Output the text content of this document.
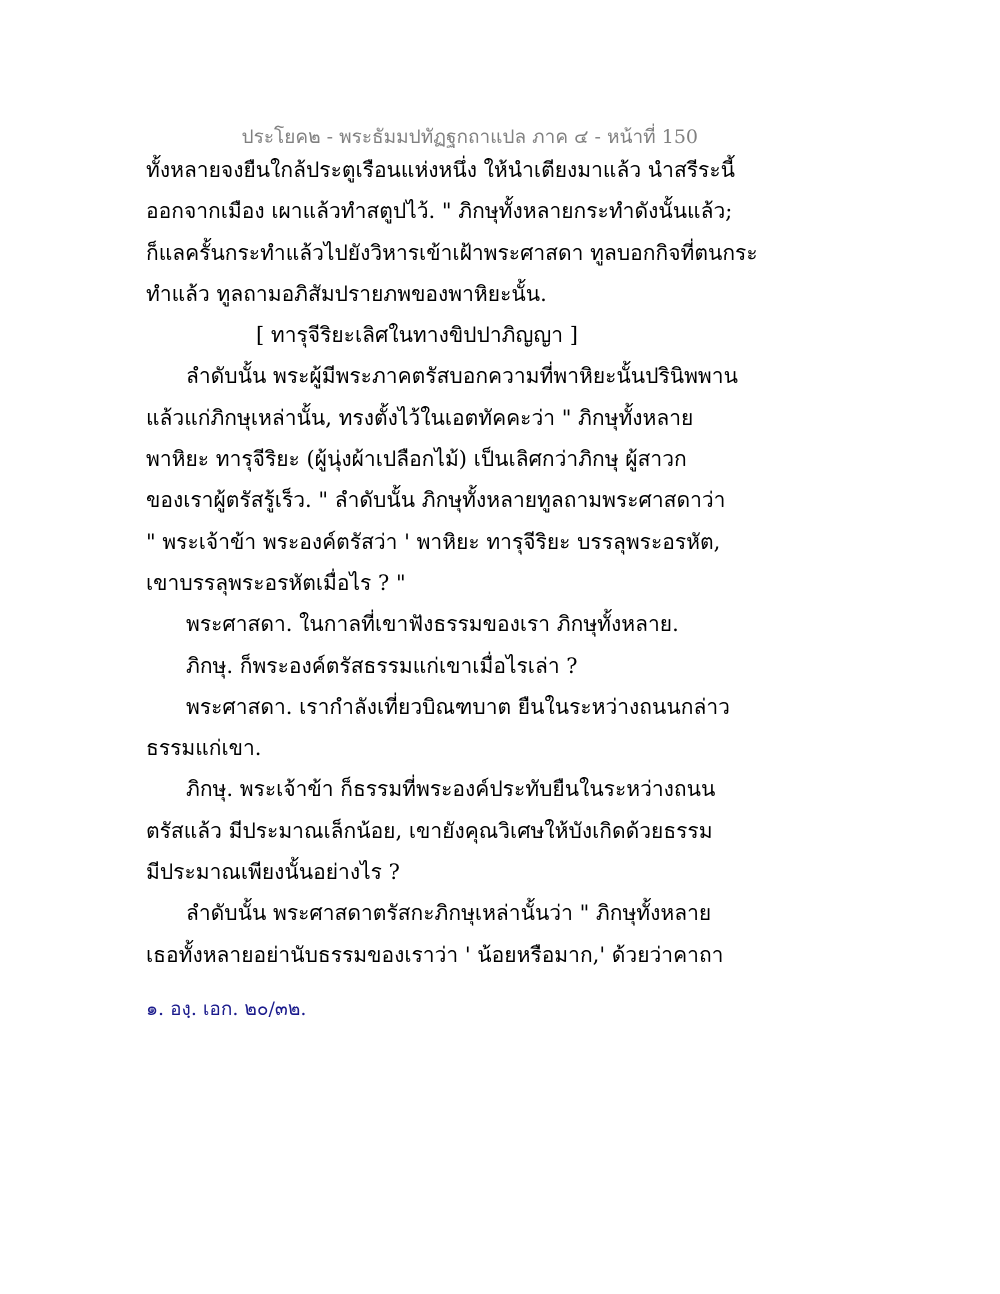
ประโยค๒ - พระธัมมปทัฏฐกถาแปล ภาค ๔ - หน้าที่ 150
ทั้งหลายจงยืนใกล้ประตูเรือนแห่งหนึ่ง ให้นำเตียงมาแล้ว นำสรีระนี้
ออกจากเมือง เผาแล้วทำสตูปไว้. " ภิกษุทั้งหลายกระทำดังนั้นแล้ว;
ก็แลครั้นกระทำแล้วไปยังวิหารเข้าเฝ้าพระศาสดา ทูลบอกกิจที่ตนกระ
ทำแล้ว ทูลถามอภิสัมปรายภพของพาหิยะนั้น.
[ ทารุจีริยะเลิศในทางขิปปาภิญญา ]
ลำดับนั้น พระผู้มีพระภาคตรัสบอกความที่พาหิยะนั้นปรินิพพาน
แล้วแก่ภิกษุเหล่านั้น, ทรงตั้งไว้ในเอตทัคคะว่า " ภิกษุทั้งหลาย
พาหิยะ ทารุจีริยะ (ผู้นุ่งผ้าเปลือกไม้) เป็นเลิศกว่าภิกษุ ผู้สาวก
ของเราผู้ตรัสรู้เร็ว. " ลำดับนั้น ภิกษุทั้งหลายทูลถามพระศาสดาว่า
" พระเจ้าข้า พระองค์ตรัสว่า ' พาหิยะ ทารุจีริยะ บรรลุพระอรหัต,
เขาบรรลุพระอรหัตเมื่อไร ? "
พระศาสดา. ในกาลที่เขาฟังธรรมของเรา ภิกษุทั้งหลาย.
ภิกษุ. ก็พระองค์ตรัสธรรมแก่เขาเมื่อไรเล่า ?
พระศาสดา. เรากำลังเที่ยวบิณฑบาต ยืนในระหว่างถนนกล่าว
ธรรมแก่เขา.
ภิกษุ. พระเจ้าข้า ก็ธรรมที่พระองค์ประทับยืนในระหว่างถนน
ตรัสแล้ว มีประมาณเล็กน้อย, เขายังคุณวิเศษให้บังเกิดด้วยธรรม
มีประมาณเพียงนั้นอย่างไร ?
ลำดับนั้น พระศาสดาตรัสกะภิกษุเหล่านั้นว่า " ภิกษุทั้งหลาย
เธอทั้งหลายอย่านับธรรมของเราว่า ' น้อยหรือมาก,' ด้วยว่าคาถา
๑. องฺ. เอก. ๒๐/๓๒.
